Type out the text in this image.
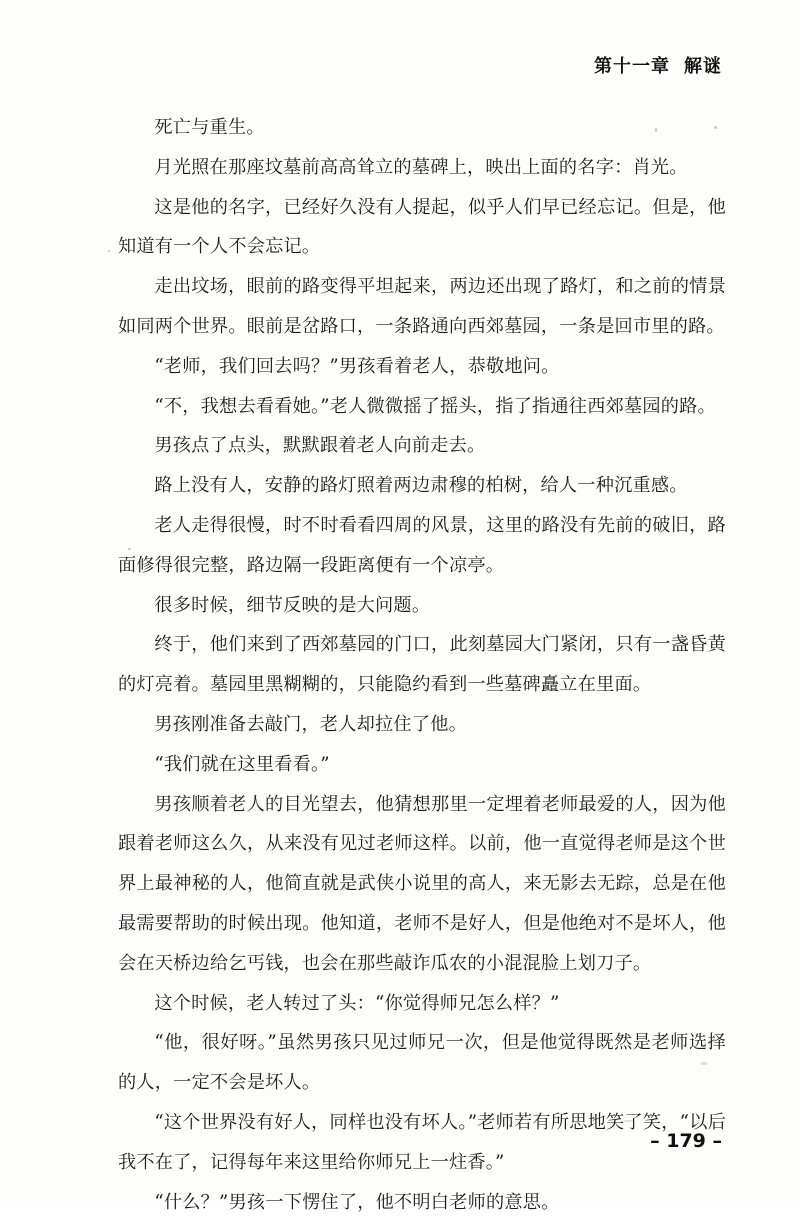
第十一章 解谜

死亡与重生。

月光照在那座坟墓前高高耸立的墓碑上，映出上面的名字：肖光。

这是他的名字，已经好久没有人提起，似乎人们早已经忘记。但是，他知道有一个人不会忘记。

走出坟场，眼前的路变得平坦起来，两边还出现了路灯，和之前的情景如同两个世界。眼前是岔路口，一条路通向西郊墓园，一条是回市里的路。

“老师，我们回去吗？”男孩看着老人，恭敬地问。

“不，我想去看看她。”老人微微摇了摇头，指了指通往西郊墓园的路。

男孩点了点头，默默跟着老人向前走去。

路上没有人，安静的路灯照着两边肃穆的柏树，给人一种沉重感。

老人走得很慢，时不时看看四周的风景，这里的路没有先前的破旧，路面修得很完整，路边隔一段距离便有一个凉亭。

很多时候，细节反映的是大问题。

终于，他们来到了西郊墓园的门口，此刻墓园大门紧闭，只有一盏昏黄的灯亮着。墓园里黑糊糊的，只能隐约看到一些墓碑矗立在里面。

男孩刚准备去敲门，老人却拉住了他。

“我们就在这里看看。”

男孩顺着老人的目光望去，他猜想那里一定埋着老师最爱的人，因为他跟着老师这么久，从来没有见过老师这样。以前，他一直觉得老师是这个世界上最神秘的人，他简直就是武侠小说里的高人，来无影去无踪，总是在他最需要帮助的时候出现。他知道，老师不是好人，但是他绝对不是坏人，他会在天桥边给乞丐钱，也会在那些敲诈瓜农的小混混脸上划刀子。

这个时候，老人转过了头：“你觉得师兄怎么样？”

“他，很好呀。”虽然男孩只见过师兄一次，但是他觉得既然是老师选择的人，一定不会是坏人。

“这个世界没有好人，同样也没有坏人。”老师若有所思地笑了笑，“以后我不在了，记得每年来这里给你师兄上一炷香。”

“什么？”男孩一下愣住了，他不明白老师的意思。

– 179 –
